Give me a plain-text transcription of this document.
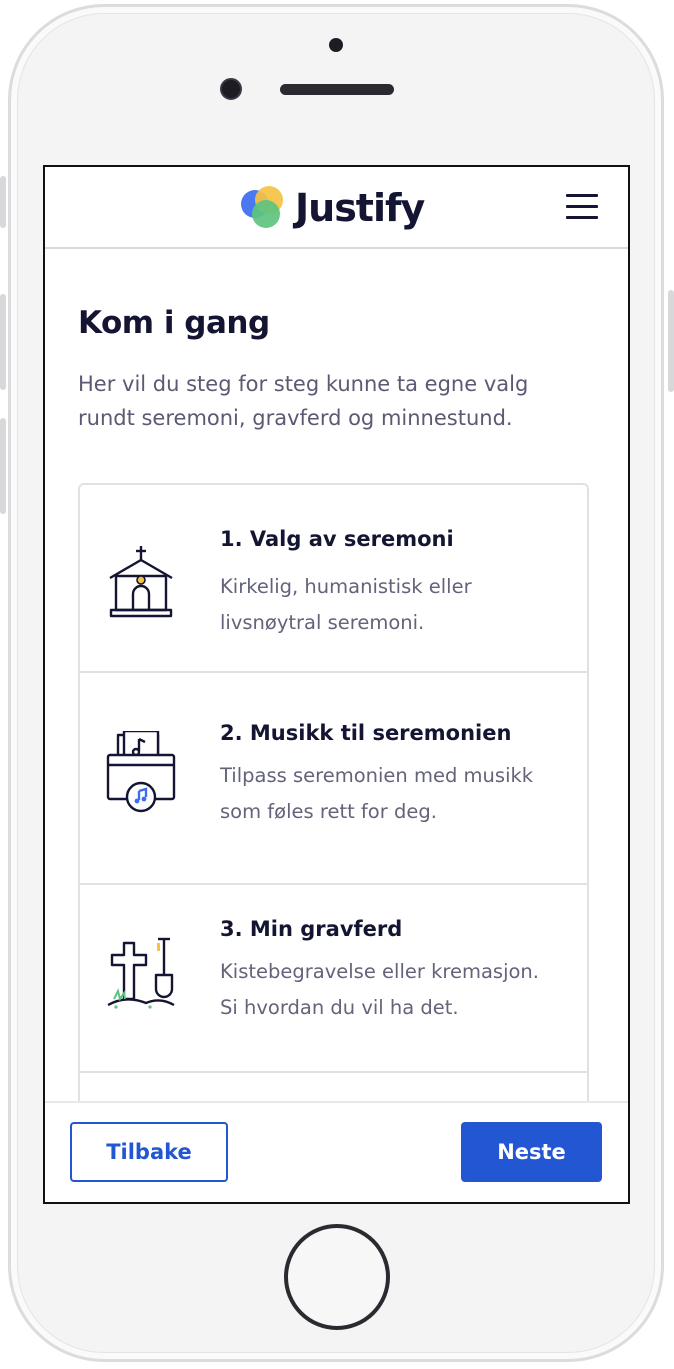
Justify
Kom i gang

Her vil du steg for steg kunne ta egne valg rundt seremoni, gravferd og minnestund.

1. Valg av seremoni
Kirkelig, humanistisk eller livsnøytral seremoni.
2. Musikk til seremonien
Tilpass seremonien med musikk som føles rett for deg.
3. Min gravferd
Kistebegravelse eller kremasjon. Si hvordan du vil ha det.
Tilbake	Neste
